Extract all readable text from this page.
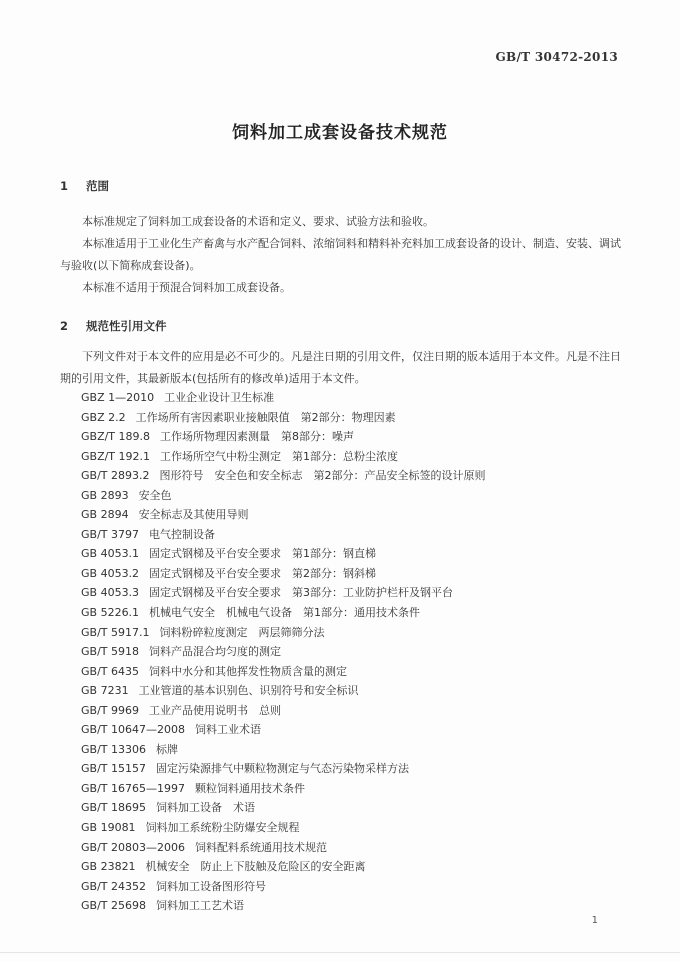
GB/T 30472-2013
饲料加工成套设备技术规范
1 范围

本标准规定了饲料加工成套设备的术语和定义、要求、试验方法和验收。

本标准适用于工业化生产畜禽与水产配合饲料、浓缩饲料和精料补充料加工成套设备的设计、制造、安装、调试与验收(以下简称成套设备)。

本标准不适用于预混合饲料加工成套设备。

2 规范性引用文件

下列文件对于本文件的应用是必不可少的。凡是注日期的引用文件，仅注日期的版本适用于本文件。凡是不注日期的引用文件，其最新版本(包括所有的修改单)适用于本文件。

GBZ 1—2010 工业企业设计卫生标准
GBZ 2.2 工作场所有害因素职业接触限值　第2部分：物理因素
GBZ/T 189.8 工作场所物理因素测量　第8部分：噪声
GBZ/T 192.1 工作场所空气中粉尘测定　第1部分：总粉尘浓度
GB/T 2893.2 图形符号　安全色和安全标志　第2部分：产品安全标签的设计原则
GB 2893 安全色
GB 2894 安全标志及其使用导则
GB/T 3797 电气控制设备
GB 4053.1 固定式钢梯及平台安全要求　第1部分：钢直梯
GB 4053.2 固定式钢梯及平台安全要求　第2部分：钢斜梯
GB 4053.3 固定式钢梯及平台安全要求　第3部分：工业防护栏杆及钢平台
GB 5226.1 机械电气安全　机械电气设备　第1部分：通用技术条件
GB/T 5917.1 饲料粉碎粒度测定　两层筛筛分法
GB/T 5918 饲料产品混合均匀度的测定
GB/T 6435 饲料中水分和其他挥发性物质含量的测定
GB 7231 工业管道的基本识别色、识别符号和安全标识
GB/T 9969 工业产品使用说明书　总则
GB/T 10647—2008 饲料工业术语
GB/T 13306 标牌
GB/T 15157 固定污染源排气中颗粒物测定与气态污染物采样方法
GB/T 16765—1997 颗粒饲料通用技术条件
GB/T 18695 饲料加工设备　术语
GB 19081 饲料加工系统粉尘防爆安全规程
GB/T 20803—2006 饲料配料系统通用技术规范
GB 23821 机械安全　防止上下肢触及危险区的安全距离
GB/T 24352 饲料加工设备图形符号
GB/T 25698 饲料加工工艺术语
1
